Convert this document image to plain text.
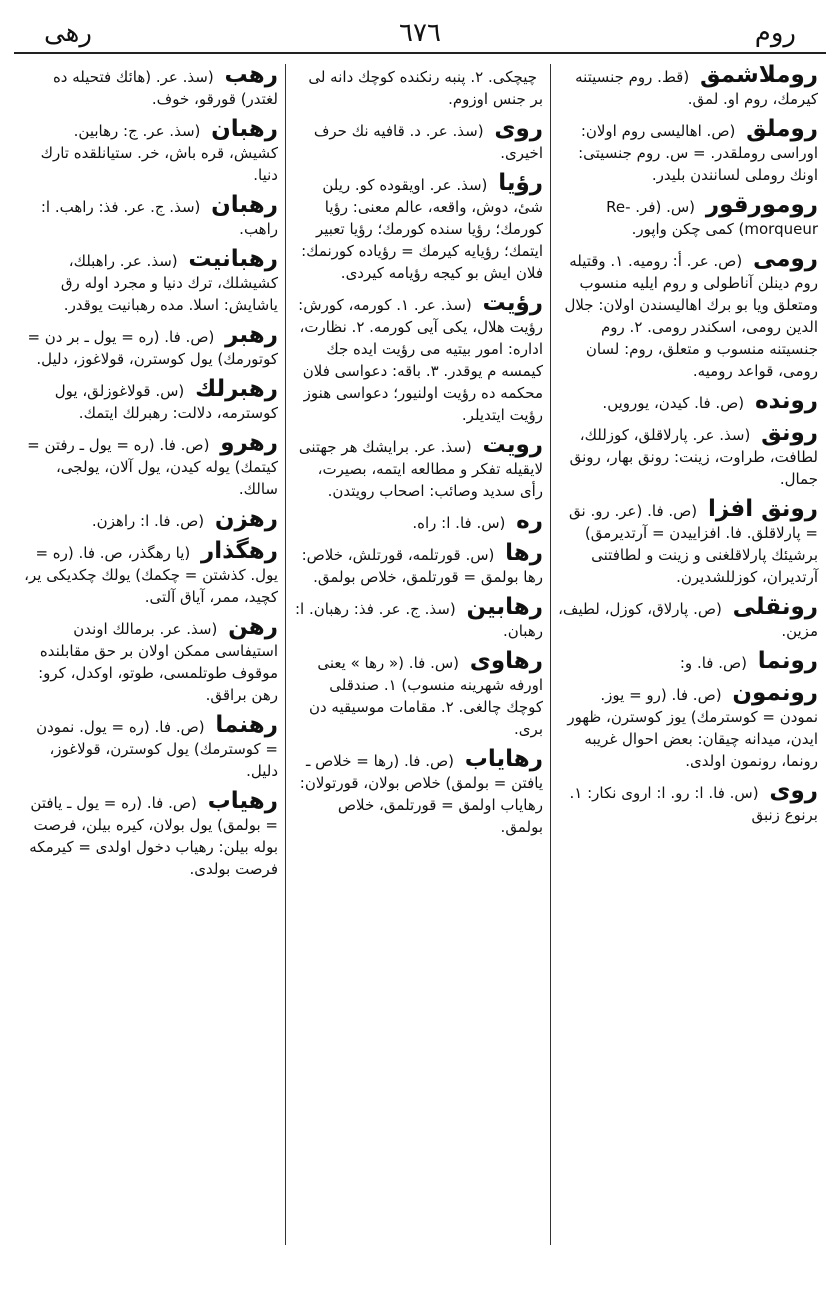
روم
٦٧٦
رهی
روملاشمق (قط. روم جنسیتنه كیرمك، روم او. لمق.
روملق (ص. اهالیسی روم اولان: اوراسی روملقدر. = س. روم جنسیتی: اونك روملی لسانندن بلیدر.
رومورقور (س. (فر. Re-morqueur) كمی چكن واپور.
رومی (ص. عر. أ: رومیه. ١. وقتیله روم دینلن آناطولی و روم ایلیه منسوب ومتعلق ویا بو برك اهالیسندن اولان: جلال الدین رومی، اسكندر رومی. ٢. روم جنسیتنه منسوب و متعلق، روم: لسان رومی، قواعد رومیه.
رونده (ص. فا. كیدن، یورویں.
رونق (سذ. عر. پارلاقلق، كوزللك، لطافت، طراوت، زینت: رونق بهار، رونق جمال.
رونق افزا (ص. فا. (عر. رو. نق = پارلاقلق. فا. افزاییدن = آرتدیرمق) برشیئك پارلاقلغنی و زینت و لطافتنی آرتدیران، كوزللشدیرن.
رونقلی (ص. پارلاق، كوزل، لطیف، مزین.
رونما (ص. فا. و:
رونمون (ص. فا. (رو = یوز. نمودن = كوسترمك) یوز كوسترن، ظهور ایدن، میدانه چیقان: بعض احوال غریبه رونما، رونمون اولدی.
روی (س. فا. ا: رو. ا: اروی نكار: ١. برنوع زنبق
چیچكی. ٢. پنبه رنكنده كوچك دانه لی بر جنس اوزوم.
روی (سذ. عر. د. قافیه نك حرف اخیری.
رؤیا (سذ. عر. اویقوده كو. ریلن شیٔ، دوش، واقعه، عالم معنی: رؤیا كورمك؛ رؤیا سنده كورمك؛ رؤیا تعبیر ایتمك؛ رؤیایه كیرمك = رؤیاده كورنمك: فلان ایش بو كیجه رؤیامه كیردی.
رؤیت (سذ. عر. ١. كورمه، كورش: رؤیت هلال، یكی آیی كورمه. ٢. نظارت، اداره: امور بیتیه می رؤیت ایده جك كیمسه م یوقدر. ٣. باقه: دعواسی فلان محكمه ده رؤیت اولنیور؛ دعواسی هنوز رؤیت ایتدیلر.
رویت (سذ. عر. برایشك هر جهتنی لایقیله تفكر و مطالعه ایتمه، بصیرت، رأی سدید وصائب: اصحاب رویتدن.
ره (س. فا. ا: راه.
رها (س. قورتلمه، قورتلش، خلاص: رها بولمق = قورتلمق، خلاص بولمق.
رهابین (سذ. ج. عر. فذ: رهبان. ا: رهبان.
رهاوی (س. فا. (« رها » یعنی اورفه شهرینه منسوب) ١. صندقلی كوچك چالغی. ٢. مقامات موسیقیه دن بری.
رهایاب (ص. فا. (رها = خلاص ـ یافتن = بولمق) خلاص بولان، قورتولان: رهایاب اولمق = قورتلمق، خلاص بولمق.
رهب (سذ. عر. (هائك فتحیله ده لغتدر) قورقو، خوف.
رهبان (سذ. عر. ج: رهابین. كشیش، قره باش، خر. ستیانلقده تارك دنیا.
رهبان (سذ. ج. عر. فذ: راهب. ا: راهب.
رهبانیت (سذ. عر. راهبلك، كشیشلك، ترك دنیا و مجرد اوله رق یاشایش: اسلا. مده رهبانیت یوقدر.
رهبر (ص. فا. (ره = یول ـ بر دن = كوتورمك) یول كوسترن، قولاغوز، دلیل.
رهبرلك (س. قولاغوزلق، یول كوسترمه، دلالت: رهبرلك ایتمك.
رهرو (ص. فا. (ره = یول ـ رفتن = كیتمك) یوله كیدن، یول آلان، یولجی، سالك.
رهزن (ص. فا. ا: راهزن.
رهگذار (یا رهگذر، ص. فا. (ره = یول. كذشتن = چكمك) یولك چكدیكی یر، كچید، ممر، آیاق آلتی.
رهن (سذ. عر. برمالك اوندن استیفاسی ممكن اولان بر حق مقابلنده موقوف طوتلمسی، طوتو، اوكدل، كرو: رهن براقق.
رهنما (ص. فا. (ره = یول. نمودن = كوسترمك) یول كوسترن، قولاغوز، دلیل.
رهیاب (ص. فا. (ره = یول ـ یافتن = بولمق) یول بولان، كیره بیلن، فرصت بوله بیلن: رهیاب دخول اولدی = كیرمكه فرصت بولدی.
